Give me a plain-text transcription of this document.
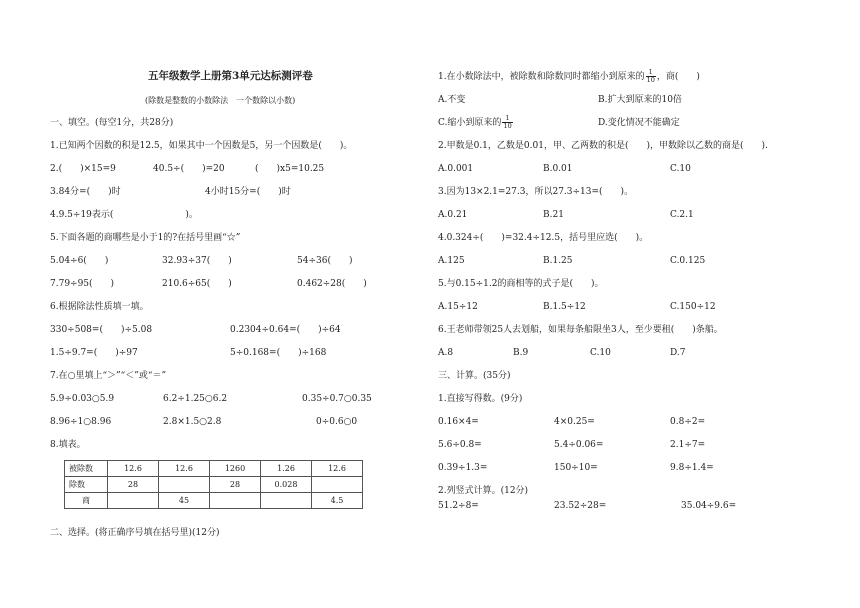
五年级数学上册第3单元达标测评卷
(除数是整数的小数除法　一个数除以小数)
一、填空。(每空1分，共28分)
1.已知两个因数的积是12.5，如果其中一个因数是5，另一个因数是(　　)。
2.(　　)×15=9	40.5÷(　　)=20	(　　)x5=10.25
3.84分=(　　)时	4小时15分=(　　)时
4.9.5÷19表示(　　　　　　　　)。
5.下面各题的商哪些是小于1的?在括号里画“☆”
5.04÷6(　　)	32.93÷37(　　)	54÷36(　　)
7.79÷95(　　)	210.6÷65(　　)	0.462÷28(　　)
6.根据除法性质填一填。
330÷508=(　　)÷5.08	0.2304÷0.64=(　　)÷64
1.5÷9.7=(　　)÷97	5÷0.168=(　　)÷168
7.在○里填上“＞”“＜”或“＝”
5.9÷0.03○5.9	6.2÷1.25○6.2	0.35÷0.7○0.35
8.96÷1○8.96	2.8×1.5○2.8	0÷0.6○0
8.填表。
被除数	12.6	12.6	1260	1.26	12.6
除数	28		28	0.028	
商		45			4.5
二、选择。(将正确序号填在括号里)(12分)
1.在小数除法中，被除数和除数同时都缩小到原来的 $\frac{1}{10}$ ，商(　　)
A.不变	B.扩大到原来的10倍
C.缩小到原来的 $\frac{1}{10}$	D.变化情况不能确定
2.甲数是0.1，乙数是0.01，甲、乙两数的积是(　　)，甲数除以乙数的商是(　　).
A.0.001	B.0.01	C.10
3.因为13×2.1=27.3，所以27.3÷13=(　　)。
A.0.21	B.21	C.2.1
4.0.324÷(　　)=32.4÷12.5，括号里应选(　　)。
A.125	B.1.25	C.0.125
5.与0.15÷1.2的商相等的式子是(　　)。
A.15÷12	B.1.5÷12	C.150÷12
6.王老师带领25人去划船，如果每条船限坐3人，至少要租(　　)条船。
A.8	B.9	C.10	D.7
三、计算。(35分)
1.直接写得数。(9分)
0.16×4=	4×0.25=	0.8÷2=
5.6÷0.8=	5.4÷0.06=	2.1÷7=
0.39÷1.3=	150÷10=	9.8÷1.4=
2.列竖式计算。(12分)
51.2÷8=	23.52÷28=	35.04÷9.6=
